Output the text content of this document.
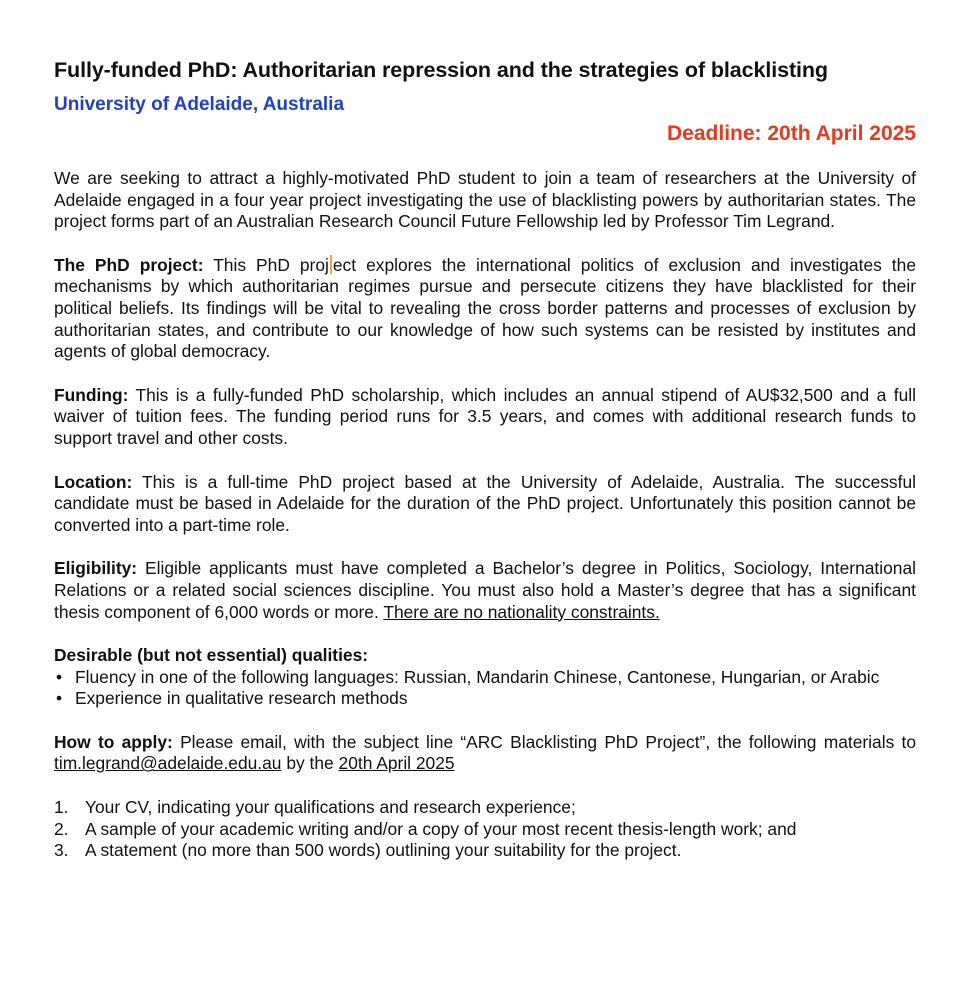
Fully-funded PhD: Authoritarian repression and the strategies of blacklisting
University of Adelaide, Australia
Deadline: 20th April 2025

We are seeking to attract a highly-motivated PhD student to join a team of researchers at the University of Adelaide engaged in a four year project investigating the use of blacklisting powers by authoritarian states. The project forms part of an Australian Research Council Future Fellowship led by Professor Tim Legrand.

The PhD project: This PhD proj ect explores the international politics of exclusion and investigates the mechanisms by which authoritarian regimes pursue and persecute citizens they have blacklisted for their political beliefs. Its findings will be vital to revealing the cross border patterns and processes of exclusion by authoritarian states, and contribute to our knowledge of how such systems can be resisted by institutes and agents of global democracy.

Funding: This is a fully-funded PhD scholarship, which includes an annual stipend of AU$32,500 and a full waiver of tuition fees. The funding period runs for 3.5 years, and comes with additional research funds to support travel and other costs.

Location: This is a full-time PhD project based at the University of Adelaide, Australia. The successful candidate must be based in Adelaide for the duration of the PhD project. Unfortunately this position cannot be converted into a part-time role.

Eligibility: Eligible applicants must have completed a Bachelor’s degree in Politics, Sociology, International Relations or a related social sciences discipline. You must also hold a Master’s degree that has a significant thesis component of 6,000 words or more. There are no nationality constraints.

Desirable (but not essential) qualities:
• Fluency in one of the following languages: Russian, Mandarin Chinese, Cantonese, Hungarian, or Arabic
• Experience in qualitative research methods

How to apply: Please email, with the subject line “ARC Blacklisting PhD Project”, the following materials to tim.legrand@adelaide.edu.au by the 20th April 2025

1. Your CV, indicating your qualifications and research experience;
2. A sample of your academic writing and/or a copy of your most recent thesis-length work; and
3. A statement (no more than 500 words) outlining your suitability for the project.
